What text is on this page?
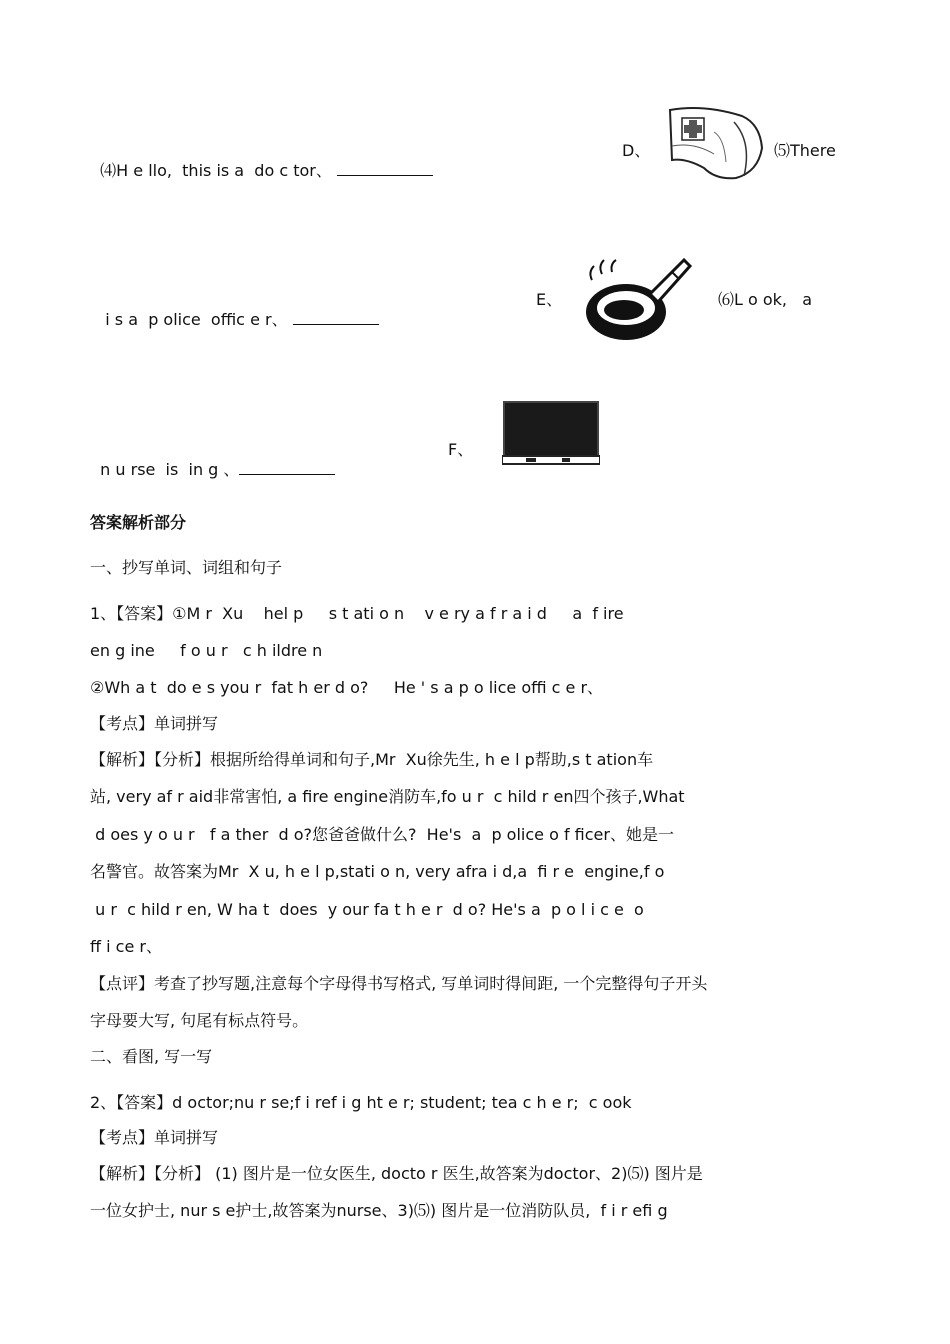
⑷H e llo,  this is a  do c tor、

D、	⑸There

i s a  p olice  offic e r、

E、	⑹L o ok,   a

n u rse  is  in g 、

F、
答案解析部分
一、抄写单词、词组和句子
1、【答案】①M r  Xu    hel p     s t ati o n    v e ry a f r a i d     a  f ire
en g ine     f o u r   c h ildre n
②Wh a t  do e s you r  fat h er d o?     He ' s a p o lice offi c e r、
【考点】单词拼写
【解析】【分析】根据所给得单词和句子,Mr  Xu徐先生, h e l p帮助,s t ation车
站, very af r aid非常害怕, a fire engine消防车,fo u r  c hild r en四个孩子,What
d oes y o u r   f a ther  d o?您爸爸做什么?  He's  a  p olice o f ficer、她是一
名警官。故答案为Mr  X u, h e l p,stati o n, very afra i d,a  fi r e  engine,f o
u r  c hild r en, W ha t  does  y our fa t h e r  d o? He's a  p o l i c e  o
ff i ce r、
【点评】考查了抄写题,注意每个字母得书写格式, 写单词时得间距, 一个完整得句子开头
字母要大写, 句尾有标点符号。
二、看图, 写一写
2、【答案】d octor;nu r se;f i ref i g ht e r; student; tea c h e r;  c ook
【考点】单词拼写
【解析】【分析】 (1) 图片是一位女医生, docto r 医生,故答案为doctor、2)⑸) 图片是
一位女护士, nur s e护士,故答案为nurse、3)⑸) 图片是一位消防队员,  f i r efi g
